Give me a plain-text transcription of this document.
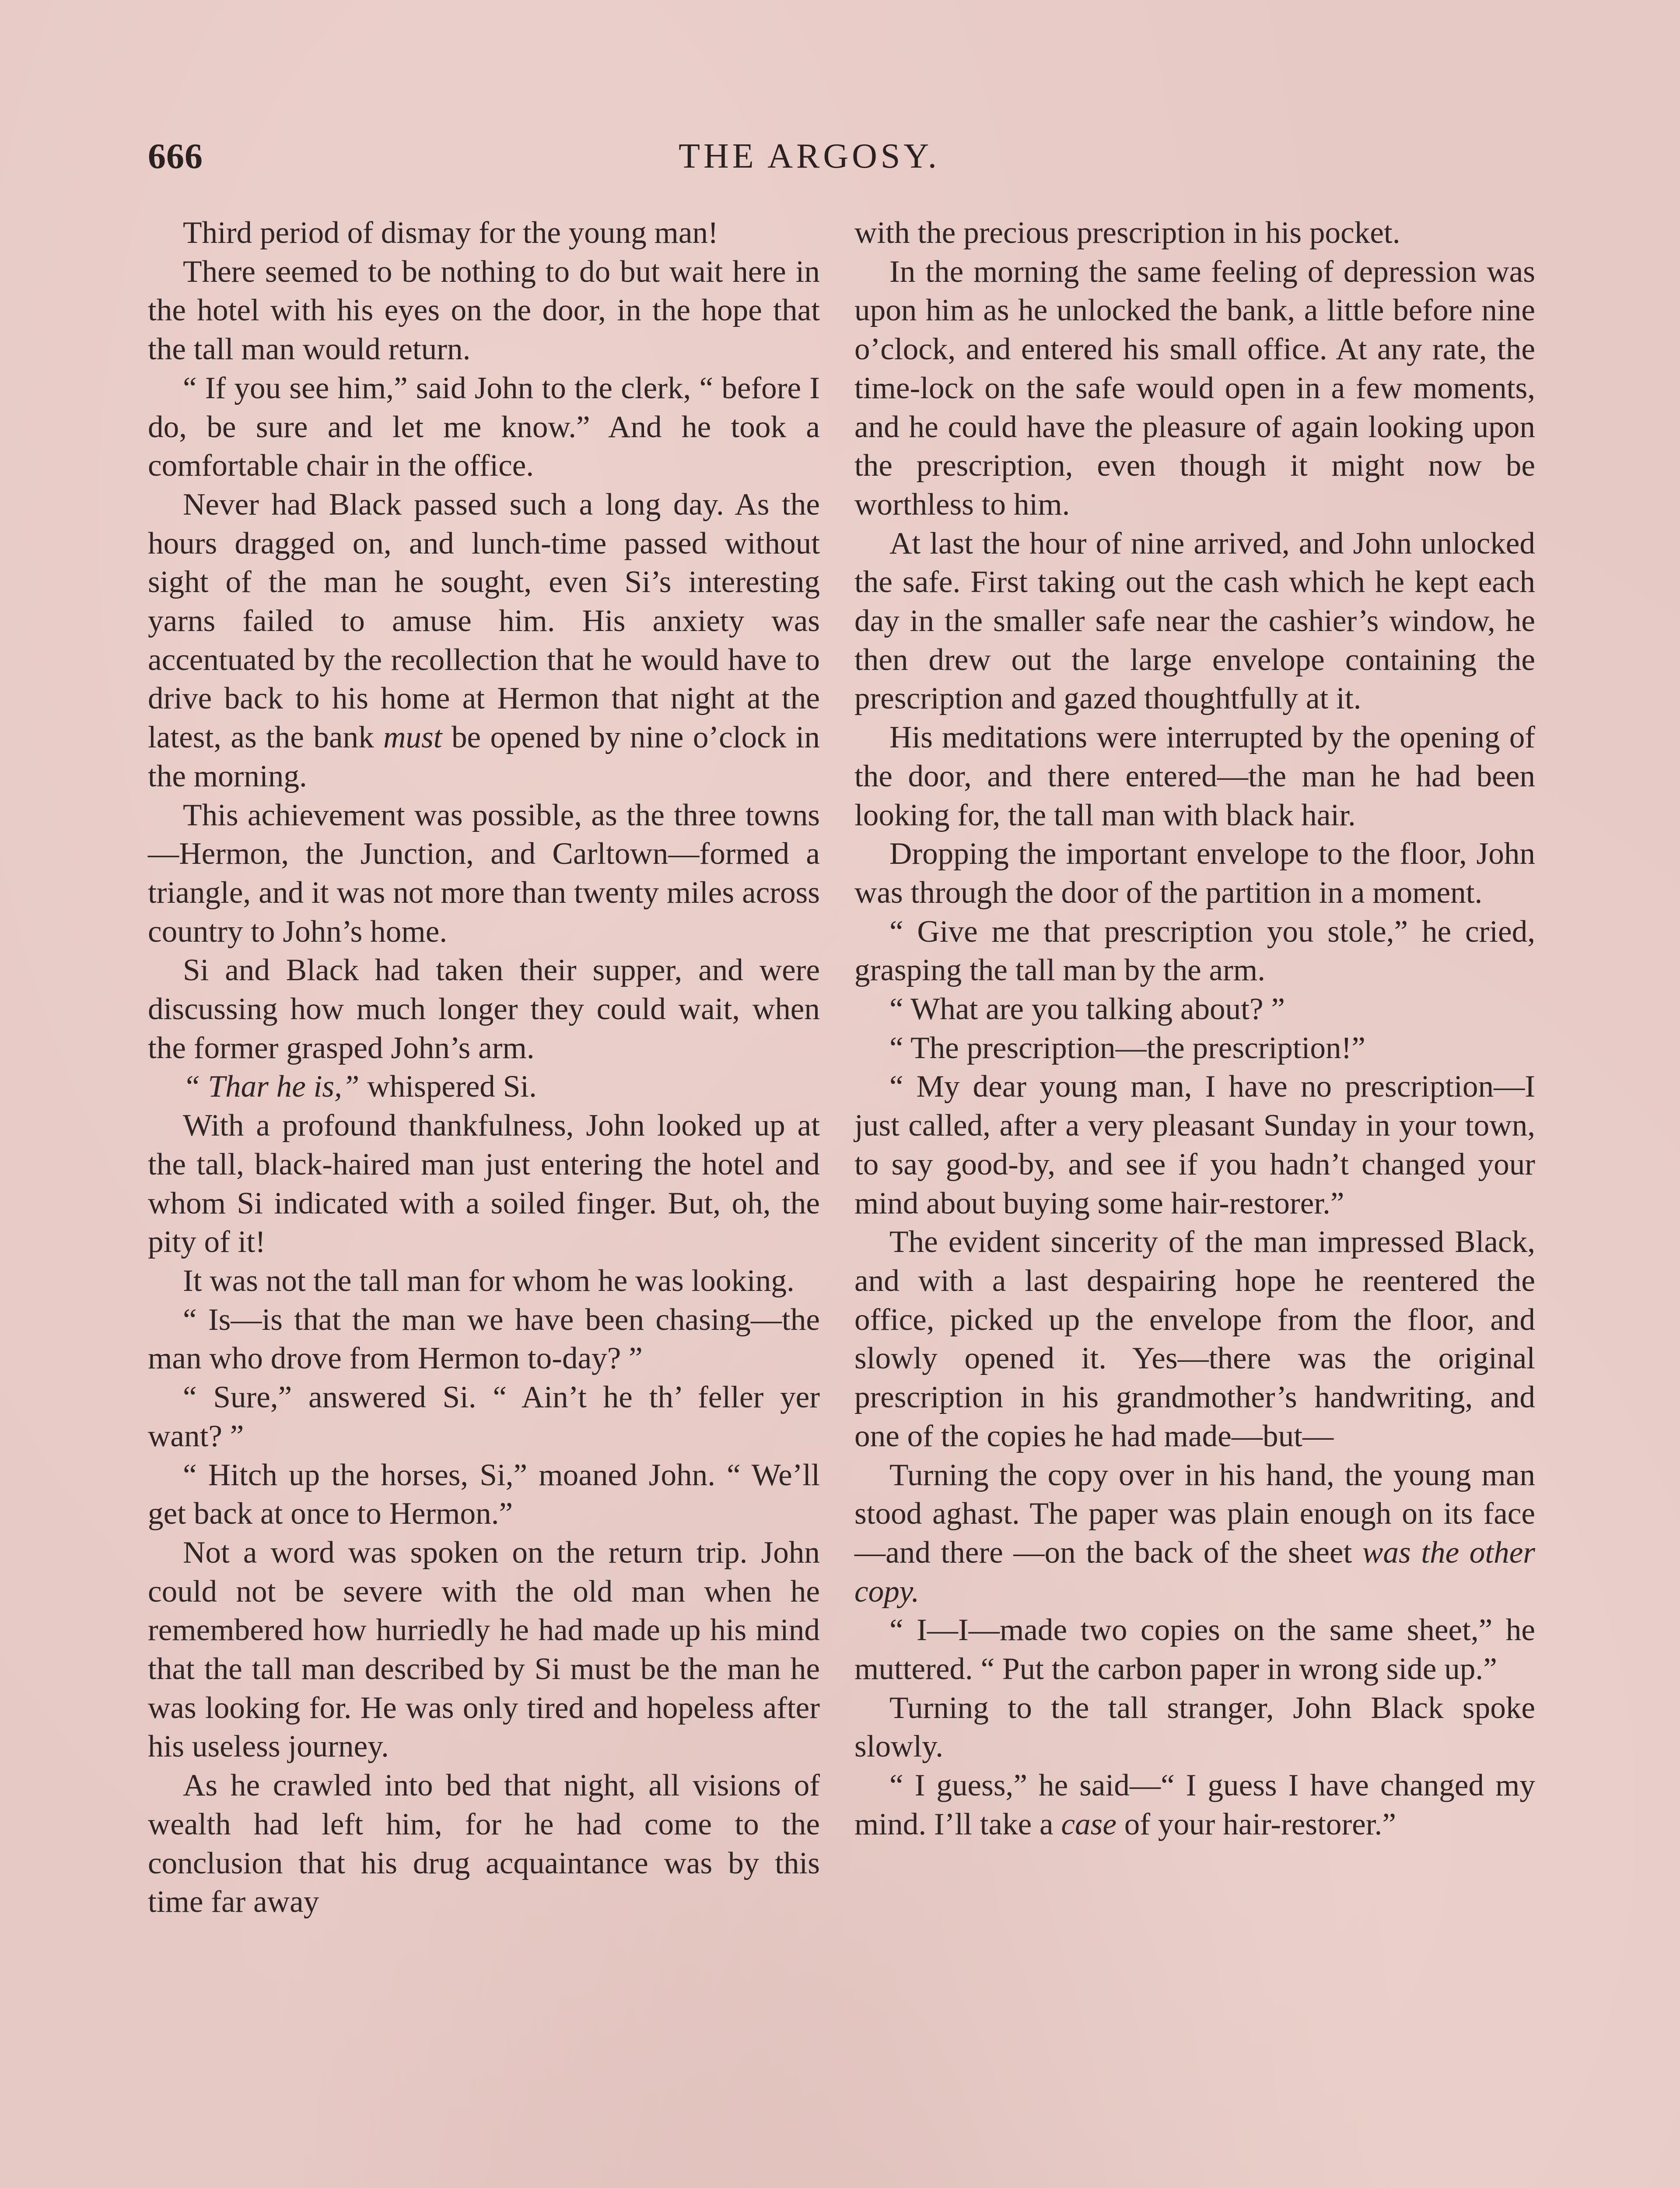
666	THE ARGOSY.

Third period of dismay for the young man!

There seemed to be nothing to do but wait here in the hotel with his eyes on the door, in the hope that the tall man would return.

“ If you see him,” said John to the clerk, “ before I do, be sure and let me know.” And he took a comfortable chair in the office.

Never had Black passed such a long day. As the hours dragged on, and lunch-time passed without sight of the man he sought, even Si’s interesting yarns failed to amuse him. His anxiety was accentuated by the recollection that he would have to drive back to his home at Hermon that night at the latest, as the bank must be opened by nine o’clock in the morning.

This achievement was possible, as the three towns—Hermon, the Junction, and Carltown—formed a triangle, and it was not more than twenty miles across country to John’s home.

Si and Black had taken their supper, and were discussing how much longer they could wait, when the former grasped John’s arm.

“ Thar he is,” whispered Si.

With a profound thankfulness, John looked up at the tall, black-haired man just entering the hotel and whom Si indicated with a soiled finger. But, oh, the pity of it!

It was not the tall man for whom he was looking.

“ Is—is that the man we have been chasing—the man who drove from Hermon to-day? ”

“ Sure,” answered Si. “ Ain’t he th’ feller yer want? ”

“ Hitch up the horses, Si,” moaned John. “ We’ll get back at once to Hermon.”

Not a word was spoken on the return trip. John could not be severe with the old man when he remembered how hurriedly he had made up his mind that the tall man described by Si must be the man he was looking for. He was only tired and hopeless after his useless journey.

As he crawled into bed that night, all visions of wealth had left him, for he had come to the conclusion that his drug acquaintance was by this time far away

with the precious prescription in his pocket.

In the morning the same feeling of depression was upon him as he unlocked the bank, a little before nine o’clock, and entered his small office. At any rate, the time-lock on the safe would open in a few moments, and he could have the pleasure of again looking upon the prescription, even though it might now be worthless to him.

At last the hour of nine arrived, and John unlocked the safe. First taking out the cash which he kept each day in the smaller safe near the cashier’s window, he then drew out the large envelope containing the prescription and gazed thoughtfully at it.

His meditations were interrupted by the opening of the door, and there entered—the man he had been looking for, the tall man with black hair.

Dropping the important envelope to the floor, John was through the door of the partition in a moment.

“ Give me that prescription you stole,” he cried, grasping the tall man by the arm.

“ What are you talking about? ”

“ The prescription—the prescription!”

“ My dear young man, I have no prescription—I just called, after a very pleasant Sunday in your town, to say good-by, and see if you hadn’t changed your mind about buying some hair-restorer.”

The evident sincerity of the man impressed Black, and with a last despairing hope he reentered the office, picked up the envelope from the floor, and slowly opened it. Yes—there was the original prescription in his grandmother’s handwriting, and one of the copies he had made—but—

Turning the copy over in his hand, the young man stood aghast. The paper was plain enough on its face—and there —on the back of the sheet was the other copy.

“ I—I—made two copies on the same sheet,” he muttered. “ Put the carbon paper in wrong side up.”

Turning to the tall stranger, John Black spoke slowly.

“ I guess,” he said—“ I guess I have changed my mind. I’ll take a case of your hair-restorer.”
